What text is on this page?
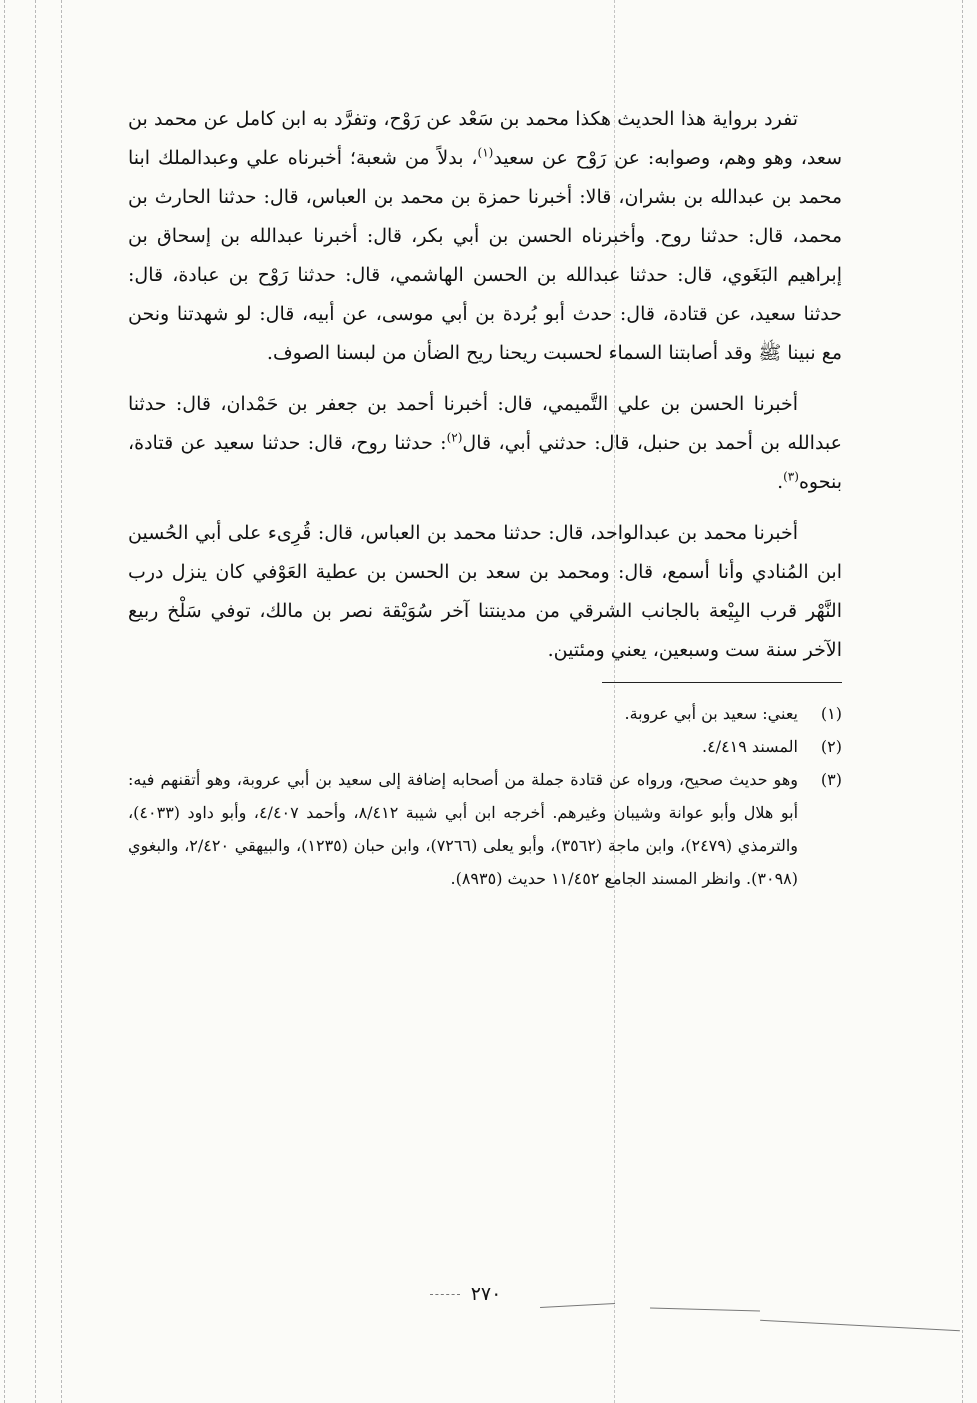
تفرد برواية هذا الحديث هكذا محمد بن سَعْد عن رَوْح، وتفرَّد به ابن كامل عن محمد بن سعد، وهو وهم، وصوابه: عن رَوْح عن سعيد$^{(١)}$، بدلاً من شعبة؛ أخبرناه علي وعبدالملك ابنا محمد بن عبدالله بن بشران، قالا: أخبرنا حمزة بن محمد بن العباس، قال: حدثنا الحارث بن محمد، قال: حدثنا روح. وأخبرناه الحسن بن أبي بكر، قال: أخبرنا عبدالله بن إسحاق بن إبراهيم البَغَوي، قال: حدثنا عبدالله بن الحسن الهاشمي، قال: حدثنا رَوْح بن عبادة، قال: حدثنا سعيد، عن قتادة، قال: حدث أبو بُردة بن أبي موسى، عن أبيه، قال: لو شهدتنا ونحن مع نبينا ﷺ وقد أصابتنا السماء لحسبت ريحنا ريح الضأن من لبسنا الصوف.

أخبرنا الحسن بن علي التَّميمي، قال: أخبرنا أحمد بن جعفر بن حَمْدان، قال: حدثنا عبدالله بن أحمد بن حنبل، قال: حدثني أبي، قال$^{(٢)}$: حدثنا روح، قال: حدثنا سعيد عن قتادة، بنحوه$^{(٣)}$.

أخبرنا محمد بن عبدالواحد، قال: حدثنا محمد بن العباس، قال: قُرِىء على أبي الحُسين ابن المُنادي وأنا أسمع، قال: ومحمد بن سعد بن الحسن بن عطية العَوْفي كان ينزل درب النَّهْر قرب البِيْعة بالجانب الشرقي من مدينتنا آخر سُوَيْقة نصر بن مالك، توفي سَلْخ ربيع الآخر سنة ست وسبعين، يعني ومئتين.

(١)
يعني: سعيد بن أبي عروبة.
(٢)
المسند ٤/٤١٩.
(٣)
وهو حديث صحيح، ورواه عن قتادة جملة من أصحابه إضافة إلى سعيد بن أبي عروبة، وهو أتقنهم فيه: أبو هلال وأبو عوانة وشيبان وغيرهم. أخرجه ابن أبي شيبة ٨/٤١٢، وأحمد ٤/٤٠٧، وأبو داود (٤٠٣٣)، والترمذي (٢٤٧٩)، وابن ماجة (٣٥٦٢)، وأبو يعلى (٧٢٦٦)، وابن حبان (١٢٣٥)، والبيهقي ٢/٤٢٠، والبغوي (٣٠٩٨). وانظر المسند الجامع ١١/٤٥٢ حديث (٨٩٣٥).
٢٧٠
